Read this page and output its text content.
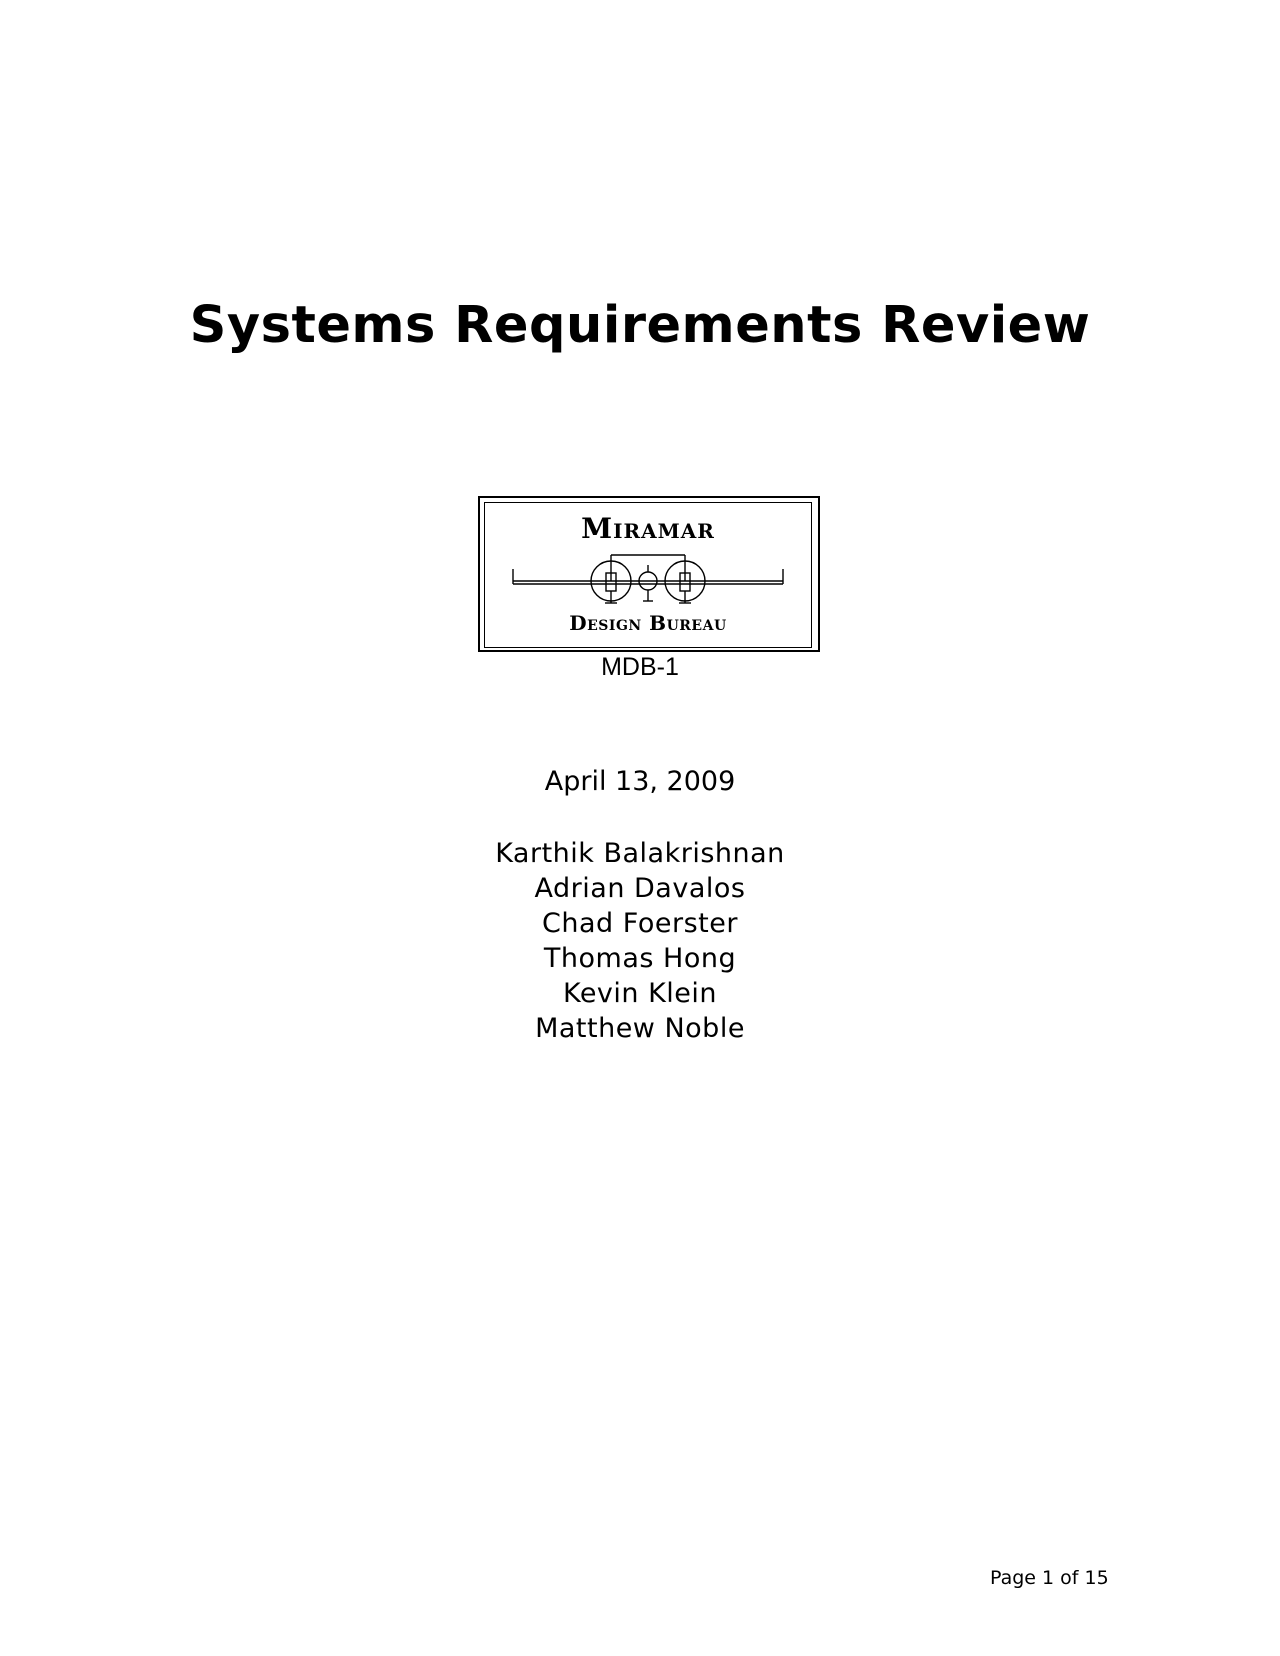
Systems Requirements Review
Miramar
Design Bureau
MDB-1
April 13, 2009
Karthik Balakrishnan
Adrian Davalos
Chad Foerster
Thomas Hong
Kevin Klein
Matthew Noble
Page 1 of 15
